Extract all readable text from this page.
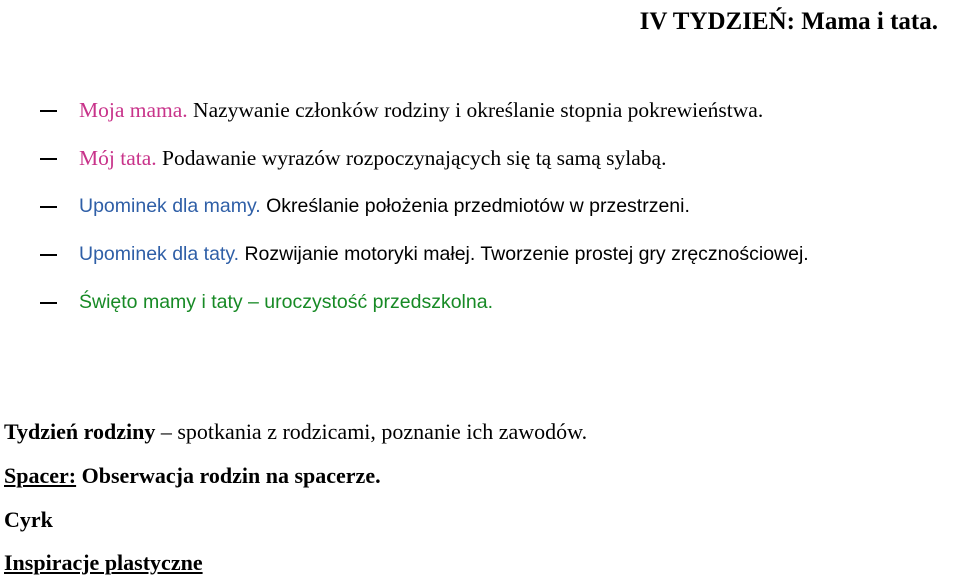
IV TYDZIEŃ: Mama i tata.
Moja mama. Nazywanie członków rodziny i określanie stopnia pokrewieństwa.
Mój tata. Podawanie wyrazów rozpoczynających się tą samą sylabą.
Upominek dla mamy. Określanie położenia przedmiotów w przestrzeni.
Upominek dla taty. Rozwijanie motoryki małej. Tworzenie prostej gry zręcznościowej.
Święto mamy i taty – uroczystość przedszkolna.
Tydzień rodziny – spotkania z rodzicami, poznanie ich zawodów.
Spacer: Obserwacja rodzin na spacerze.
Cyrk
Inspiracje plastyczne
